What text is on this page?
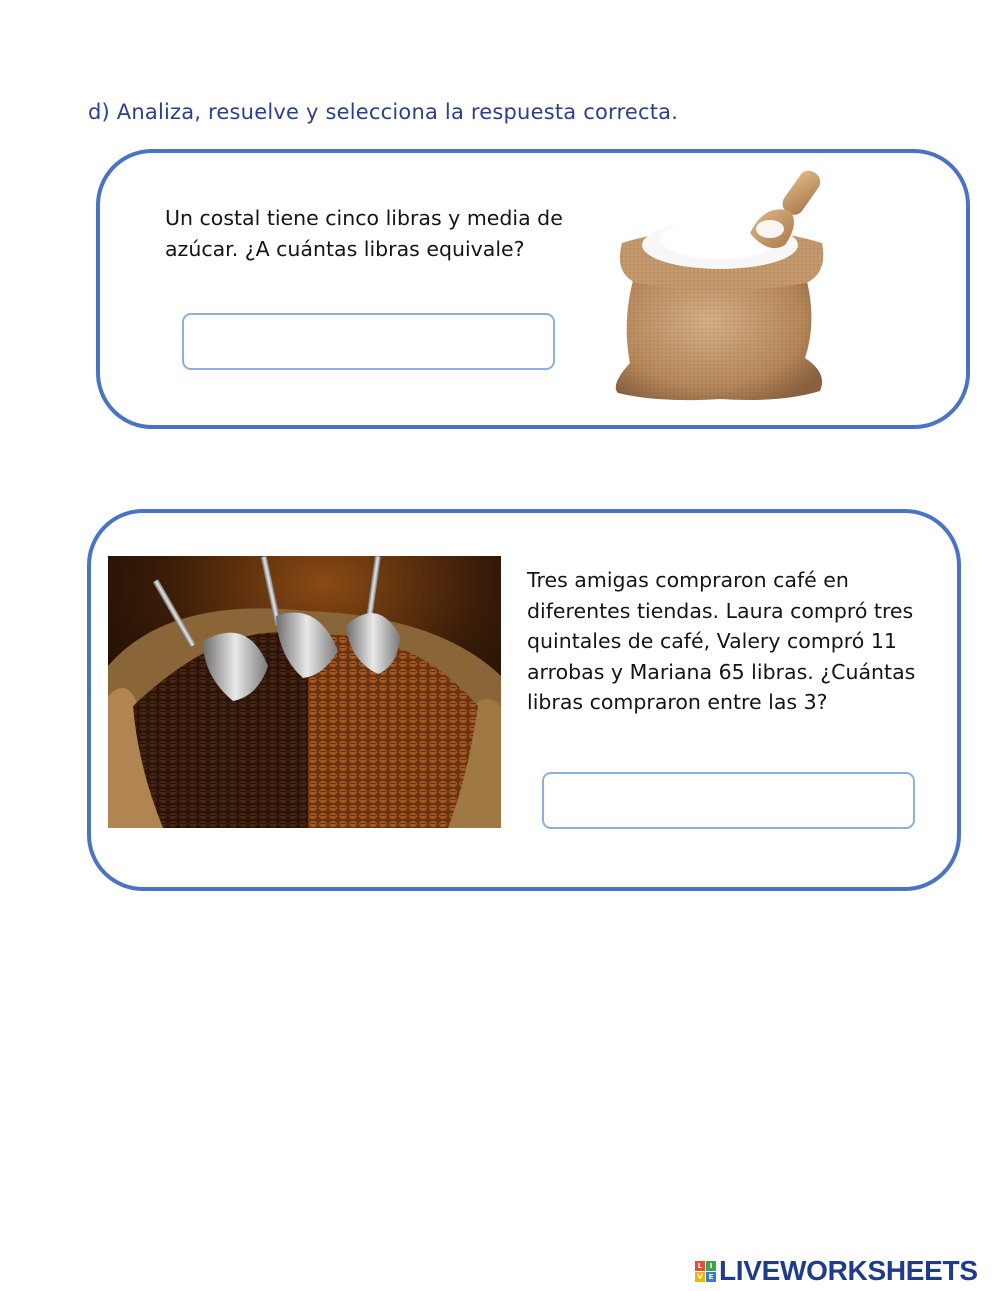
d) Analiza, resuelve y selecciona la respuesta correcta.
Un costal tiene cinco libras y media de azúcar. ¿A cuántas libras equivale?
Tres amigas compraron café en diferentes tiendas. Laura compró tres quintales de café, Valery compró 11 arrobas y Mariana 65 libras. ¿Cuántas libras compraron entre las 3?
L	I
V E LIVEWORKSHEETS
